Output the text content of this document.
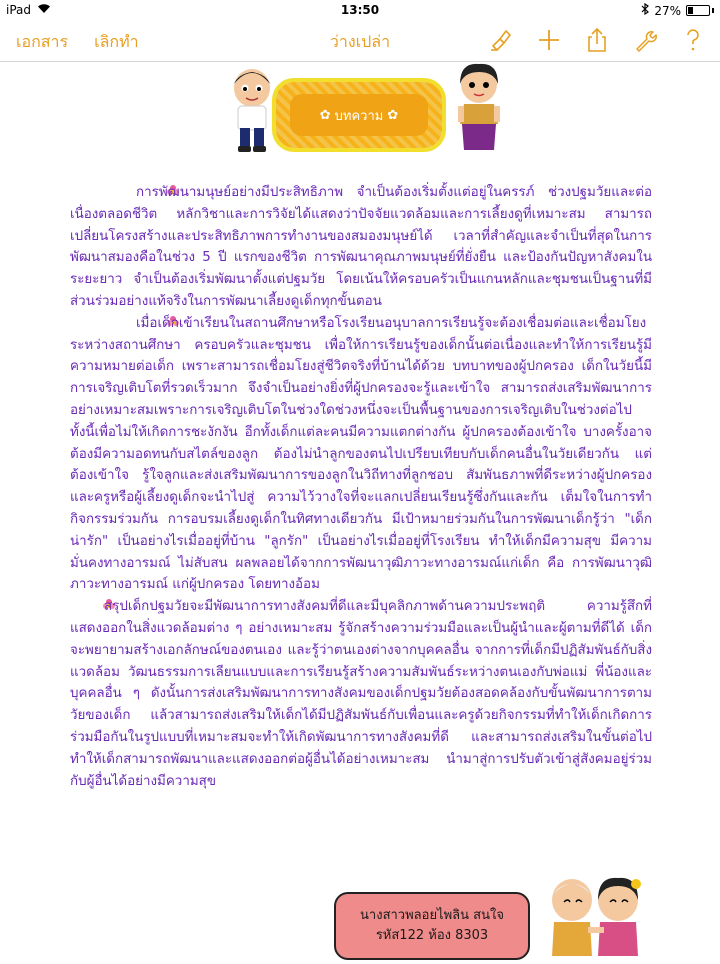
iPad	13:50	27%
เอกสาร เลิกทำ	ว่างเปล่า
✿ บทความ ✿

การพัฒนามนุษย์อย่างมีประสิทธิภาพ จำเป็นต้องเริ่มตั้งแต่อยู่ในครรภ์ ช่วงปฐมวัยและต่อเนื่องตลอดชีวิต หลักวิชาและการวิจัยได้แสดงว่าปัจจัยแวดล้อมและการเลี้ยงดูที่เหมาะสม สามารถเปลี่ยนโครงสร้างและประสิทธิภาพการทำงานของสมองมนุษย์ได้ เวลาที่สำคัญและจำเป็นที่สุดในการพัฒนาสมองคือในช่วง 5 ปี แรกของชีวิต การพัฒนาคุณภาพมนุษย์ที่ยั่งยืน และป้องกันปัญหาสังคมในระยะยาว จำเป็นต้องเริ่มพัฒนาตั้งแต่ปฐมวัย โดยเน้นให้ครอบครัวเป็นแกนหลักและชุมชนเป็นฐานที่มีส่วนร่วมอย่างแท้จริงในการพัฒนาเลี้ยงดูเด็กทุกขั้นตอน

เมื่อเด็กเข้าเรียนในสถานศึกษาหรือโรงเรียนอนุบาลการเรียนรู้จะต้องเชื่อมต่อและเชื่อมโยงระหว่างสถานศึกษา ครอบครัวและชุมชน เพื่อให้การเรียนรู้ของเด็กนั้นต่อเนื่องและทำให้การเรียนรู้มีความหมายต่อเด็ก เพราะสามารถเชื่อมโยงสู่ชีวิตจริงที่บ้านได้ด้วย บทบาทของผู้ปกครอง เด็กในวัยนี้มีการเจริญเติบโตที่รวดเร็วมาก จึงจำเป็นอย่างยิ่งที่ผู้ปกครองจะรู้และเข้าใจ สามารถส่งเสริมพัฒนาการอย่างเหมาะสมเพราะการเจริญเติบโตในช่วงใดช่วงหนึ่งจะเป็นพื้นฐานของการเจริญเติบในช่วงต่อไป ทั้งนี้เพื่อไม่ให้เกิดการชะงักงัน อีกทั้งเด็กแต่ละคนมีความแตกต่างกัน ผู้ปกครองต้องเข้าใจ บางครั้งอาจต้องมีความอดทนกับสไตล์ของลูก ต้องไม่นำลูกของตนไปเปรียบเทียบกับเด็กคนอื่นในวัยเดียวกัน แต่ต้องเข้าใจ รู้ใจลูกและส่งเสริมพัฒนาการของลูกในวิถีทางที่ลูกชอบ สัมพันธภาพที่ดีระหว่างผู้ปกครองและครูหรือผู้เลี้ยงดูเด็กจะนำไปสู่ ความไว้วางใจที่จะแลกเปลี่ยนเรียนรู้ซึ่งกันและกัน เต็มใจในการทำกิจกรรมร่วมกัน การอบรมเลี้ยงดูเด็กในทิศทางเดียวกัน มีเป้าหมายร่วมกันในการพัฒนาเด็กรู้ว่า "เด็กน่ารัก" เป็นอย่างไรเมื่ออยู่ที่บ้าน "ลูกรัก" เป็นอย่างไรเมื่ออยู่ที่โรงเรียน ทำให้เด็กมีความสุข มีความมั่นคงทางอารมณ์ ไม่สับสน ผลพลอยได้จากการพัฒนาวุฒิภาวะทางอารมณ์แก่เด็ก คือ การพัฒนาวุฒิภาวะทางอารมณ์ แก่ผู้ปกครอง โดยทางอ้อม

สรุปเด็กปฐมวัยจะมีพัฒนาการทางสังคมที่ดีและมีบุคลิกภาพด้านความประพฤติ ความรู้สึกที่แสดงออกในสิ่งแวดล้อมต่าง ๆ อย่างเหมาะสม รู้จักสร้างความร่วมมือและเป็นผู้นำและผู้ตามที่ดีได้ เด็กจะพยายามสร้างเอกลักษณ์ของตนเอง และรู้ว่าตนเองต่างจากบุคคลอื่น จากการที่เด็กมีปฏิสัมพันธ์กับสิ่งแวดล้อม วัฒนธรรมการเลียนแบบและการเรียนรู้สร้างความสัมพันธ์ระหว่างตนเองกับพ่อแม่ พี่น้องและบุคคลอื่น ๆ ดังนั้นการส่งเสริมพัฒนาการทางสังคมของเด็กปฐมวัยต้องสอดคล้องกับขั้นพัฒนาการตามวัยของเด็ก แล้วสามารถส่งเสริมให้เด็กได้มีปฏิสัมพันธ์กับเพื่อนและครูด้วยกิจกรรมที่ทำให้เด็กเกิดการร่วมมือกันในรูปแบบที่เหมาะสมจะทำให้เกิดพัฒนาการทางสังคมที่ดี และสามารถส่งเสริมในขั้นต่อไป ทำให้เด็กสามารถพัฒนาและแสดงออกต่อผู้อื่นได้อย่างเหมาะสม นำมาสู่การปรับตัวเข้าสู่สังคมอยู่ร่วมกับผู้อื่นได้อย่างมีความสุข

นางสาวพลอยไพลิน สนใจ
รหัส122 ห้อง 8303
